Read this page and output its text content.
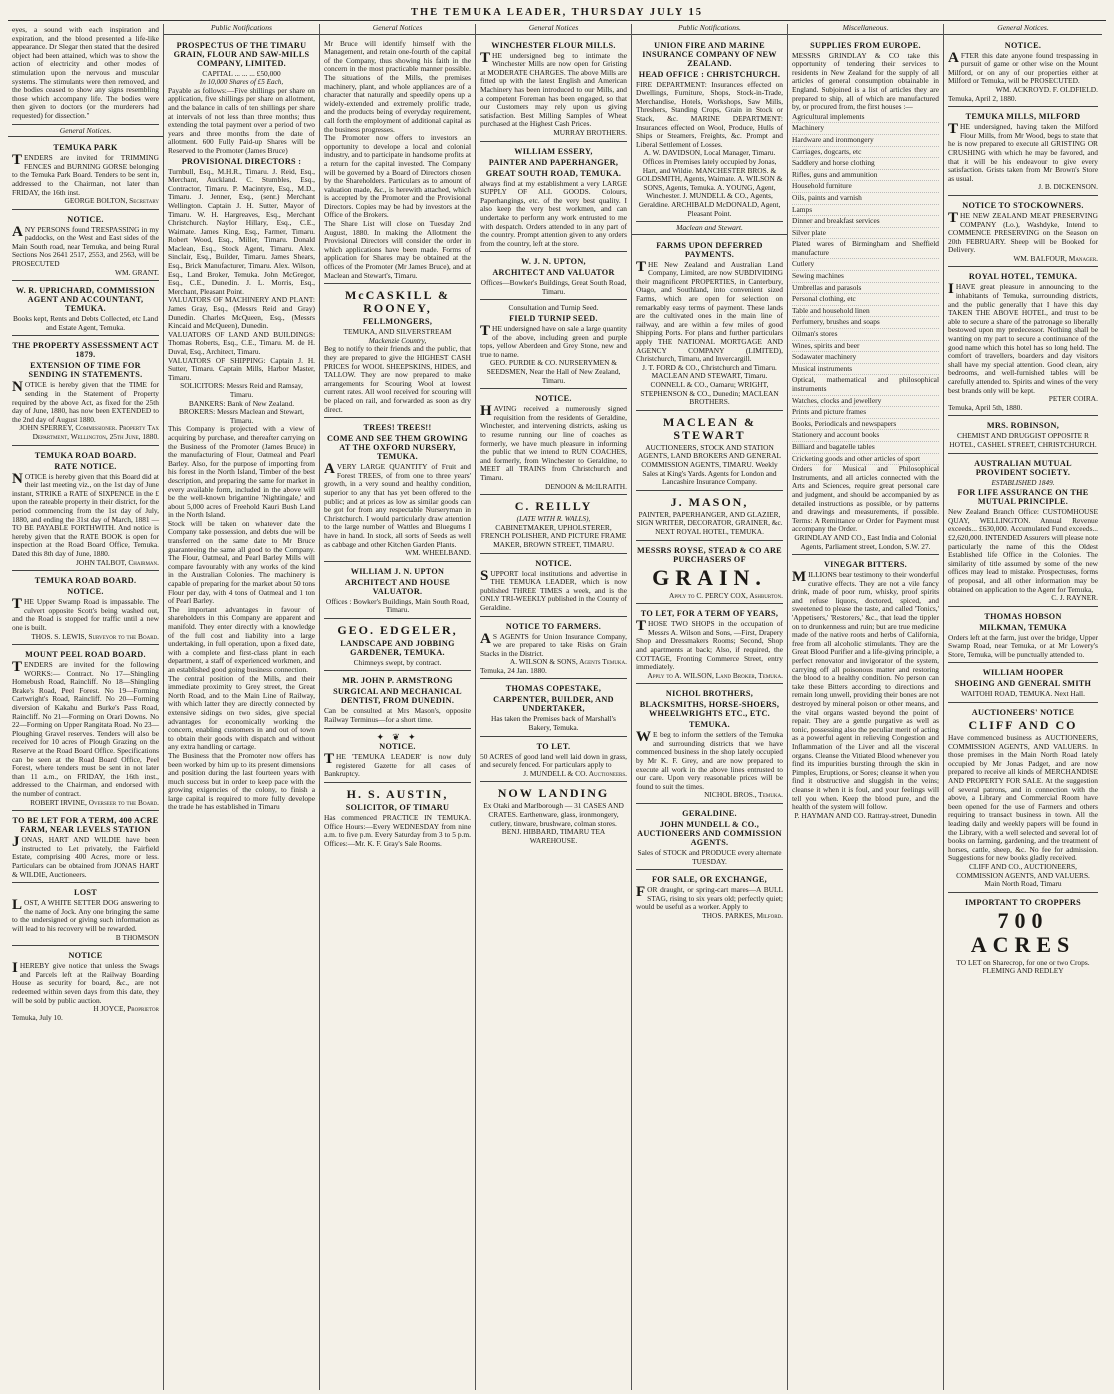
THE TEMUKA LEADER, THURSDAY JULY 15
eyes, a sound with each inspiration and expiration, and the blood presented a life-like appearance. Dr Slegar then stated that the desired object had been attained, which was to show the action of electricity and other modes of stimulation upon the nervous and muscular systems. The stimulants were then removed, and the bodies ceased to show any signs resembling those which accompany life. The bodies were then given to doctors (or the murderers had requested) for dissection."
General Notices.
TEMUKA PARK
TENDERS are invited for TRIMMING FENCES and BURNING GORSE belonging to the Temuka Park Board. Tenders to be sent in, addressed to the Chairman, not later than FRIDAY, the 16th inst.
GEORGE BOLTON, Secretary
NOTICE.
ANY PERSONS found TRESPASSING in my paddocks, on the West and East sides of the Main South road, near Temuka, and being Rural Sections Nos 2641 2517, 2553, and 2563, will be PROSECUTED
WM. GRANT.
W. R. UPRICHARD, COMMISSION AGENT AND ACCOUNTANT, TEMUKA.
Books kept, Rents and Debts Collected, etc Land and Estate Agent, Temuka.
THE PROPERTY ASSESSMENT ACT 1879.
EXTENSION OF TIME FOR SENDING IN STATEMENTS.
NOTICE is hereby given that the TIME for sending in the Statement of Property required by the above Act, as fixed for the 25th day of June, 1880, has now been EXTENDED to the 2nd day of August 1880.
JOHN SPERREY, Commissioner. Property Tax Department, Wellington, 25th June, 1880.
TEMUKA ROAD BOARD.
RATE NOTICE.
NOTICE is hereby given that this Board did at their last meeting viz., on the 1st day of June instant, STRIKE a RATE of SIXPENCE in the £ upon the rateable property in their district, for the period commencing from the 1st day of July, 1880, and ending the 31st day of March, 1881 — TO BE PAYABLE FORTHWITH. And notice is hereby given that the RATE BOOK is open for inspection at the Road Board Office, Temuka. Dated this 8th day of June, 1880.
JOHN TALBOT, Chairman.
TEMUKA ROAD BOARD.
NOTICE.
THE Upper Swamp Road is impassable. The culvert opposite Scott's being washed out, and the Road is stopped for traffic until a new one is built.
THOS. S. LEWIS, Surveyor to the Board.
MOUNT PEEL ROAD BOARD.
TENDERS are invited for the following WORKS:— Contract. No 17—Shingling Homebush Road, Raincliff. No 18—Shingling Brake's Road, Peel Forest. No 19—Forming Cartwright's Road, Raincliff. No 20—Forming diversion of Kakahu and Burke's Pass Road, Raincliff. No 21—Forming on Orari Downs. No 22—Forming on Upper Rangitata Road. No 23—Ploughing Gravel reserves. Tenders will also be received for 10 acres of Plough Grazing on the Reserve at the Road Board Office. Specifications can be seen at the Road Board Office, Peel Forest, where tenders must be sent in not later than 11 a.m., on FRIDAY, the 16th inst., addressed to the Chairman, and endorsed with the number of contract.
ROBERT IRVINE, Overseer to the Board.
TO BE LET FOR A TERM, 400 ACRE FARM, NEAR LEVELS STATION
JONAS, HART AND WILDIE have been instructed to Let privately, the Fairfield Estate, comprising 400 Acres, more or less. Particulars can be obtained from JONAS HART & WILDIE, Auctioneers.
LOST
LOST, A WHITE SETTER DOG answering to the name of Jock. Any one bringing the same to the undersigned or giving such information as will lead to his recovery will be rewarded.
B THOMSON
NOTICE
IHEREBY give notice that unless the Swags and Parcels left at the Railway Boarding House as security for board, &c., are not redeemed within seven days from this date, they will be sold by public auction.
H JOYCE, Proprietor
Temuka, July 10.
Public Notifications
PROSPECTUS OF THE TIMARU GRAIN, FLOUR AND SAW-MILLS COMPANY, LIMITED.
CAPITAL ... ... ... £50,000
In 10,000 Shares of £5 Each,
Payable as follows:—Five shillings per share on application, five shillings per share on allotment, and the balance in calls of ten shillings per share at intervals of not less than three months; thus extending the total payment over a period of two years and three months from the date of allotment. 600 Fully Paid-up Shares will be Reserved to the Promoter (James Bruce)
PROVISIONAL DIRECTORS :
Turnbull, Esq., M.H.R., Timaru. J. Reid, Esq., Merchant, Auckland. C. Stumbles, Esq., Contractor, Timaru. P. Macintyre, Esq., M.D., Timaru. J. Jenner, Esq., (senr.) Merchant Wellington. Captain J. H. Sutter, Mayor of Timaru. W. H. Hargreaves, Esq., Merchant Christchurch. Naylor Hillary, Esq., C.E., Waimate. James King, Esq., Farmer, Timaru. Robert Wood, Esq., Miller, Timaru. Donald Maclean, Esq., Stock Agent, Timaru. Alex. Sinclair, Esq., Builder, Timaru. James Shears, Esq., Brick Manufacturer, Timaru. Alex. Wilson, Esq., Land Broker, Temuka. John McGregor, Esq., C.E., Dunedin. J. L. Morris, Esq., Merchant, Pleasant Point.
VALUATORS OF MACHINERY AND PLANT: James Gray, Esq., (Messrs Reid and Gray) Dunedin. Charles McQueen, Esq., (Messrs Kincaid and McQueen), Dunedin.
VALUATORS OF LAND AND BUILDINGS: Thomas Roberts, Esq., C.E., Timaru. M. de H. Duval, Esq., Architect, Timaru.
VALUATORS OF SHIPPING: Captain J. H. Sutter, Timaru. Captain Mills, Harbor Master, Timaru.
SOLICITORS: Messrs Reid and Ramsay, Timaru.
BANKERS: Bank of New Zealand.
BROKERS: Messrs Maclean and Stewart, Timaru.
This Company is projected with a view of acquiring by purchase, and thereafter carrying on the Business of the Promoter (James Bruce) in the manufacturing of Flour, Oatmeal and Pearl Barley. Also, for the purpose of importing from his forest in the North Island, Timber of the best description, and preparing the same for market in every available form, included in the above will be the well-known brigantine 'Nightingale,' and about 5,000 acres of Freehold Kauri Bush Land in the North Island.
Stock will be taken on whatever date the Company take possession, and debts due will be transferred on the same date to Mr Bruce guaranteeing the same all good to the Company. The Flour, Oatmeal, and Pearl Barley Mills will compare favourably with any works of the kind in the Australian Colonies. The machinery is capable of preparing for the market about 50 tons Flour per day, with 4 tons of Oatmeal and 1 ton of Pearl Barley.
The important advantages in favour of shareholders in this Company are apparent and manifold. They enter directly with a knowledge of the full cost and liability into a large undertaking, in full operation, upon a fixed date, with a complete and first-class plant in each department, a staff of experienced workmen, and an established good going business connection.
The central position of the Mills, and their immediate proximity to Grey street, the Great North Road, and to the Main Line of Railway, with which latter they are directly connected by extensive sidings on two sides, give special advantages for economically working the concern, enabling customers in and out of town to obtain their goods with dispatch and without any extra handling or cartage.
The Business that the Promoter now offers has been worked by him up to its present dimensions and position during the last fourteen years with much success but in order to keep pace with the growing exigencies of the colony, to finish a large capital is required to more fully develope the trade he has established in Timaru
General Notices
Mr Bruce will identify himself with the Management, and retain one-fourth of the capital of the Company, thus showing his faith in the concern in the most practicable manner possible. The situations of the Mills, the premises machinery, plant, and whole appliances are of a character that naturally and speedily opens up a widely-extended and extremely prolific trade, and the products being of everyday requirement, call forth the employment of additional capital as the business progresses.
The Promoter now offers to investors an opportunity to develope a local and colonial industry, and to participate in handsome profits at a return for the capital invested. The Company will be governed by a Board of Directors chosen by the Shareholders. Particulars as to amount of valuation made, &c., is herewith attached, which is accepted by the Promoter and the Provisional Directors. Copies may be had by investors at the Office of the Brokers.
The Share List will close on Tuesday 2nd August, 1880. In making the Allotment the Provisional Directors will consider the order in which applications have been made. Forms of application for Shares may be obtained at the offices of the Promoter (Mr James Bruce), and at Maclean and Stewart's, Timaru.
McCASKILL & ROONEY,
FELLMONGERS,
TEMUKA, AND SILVERSTREAM
Mackenzie Country,
Beg to notify to their friends and the public, that they are prepared to give the HIGHEST CASH PRICES for WOOL SHEEPSKINS, HIDES, and TALLOW. They are now prepared to make arrangements for Scouring Wool at lowest current rates. All wool received for scouring will be placed on rail, and forwarded as soon as dry direct.
TREES! TREES!!
COME AND SEE THEM GROWING AT THE OXFORD NURSERY, TEMUKA.
AVERY LARGE QUANTITY of Fruit and Forest TREES, of from one to three years' growth, in a very sound and healthy condition, superior to any that has yet been offered to the public; and at prices as low as similar goods can be got for from any respectable Nurseryman in Christchurch. I would particularly draw attention to the large number of Wattles and Bluegums I have in hand. In stock, all sorts of Seeds as well as cabbage and other Kitchen Garden Plants.
WM. WHEELBAND.
WILLIAM J. N. UPTON
ARCHITECT AND HOUSE VALUATOR.
Offices : Bowker's Buildings, Main South Road, Timaru.
GEO. EDGELER,
LANDSCAPE AND JOBBING GARDENER, TEMUKA.
Chimneys swept, by contract.
MR. JOHN P. ARMSTRONG
SURGICAL AND MECHANICAL DENTIST, FROM DUNEDIN.
Can be consulted at Mrs Mason's, opposite Railway Terminus—for a short time.
✦ ❦ ✦
NOTICE.
THE 'TEMUKA LEADER' is now duly registered Gazette for all cases of Bankruptcy.
H. S. AUSTIN,
SOLICITOR, OF TIMARU
Has commenced PRACTICE IN TEMUKA. Office Hours:—Every WEDNESDAY from nine a.m. to five p.m. Every Saturday from 3 to 5 p.m. Offices:—Mr. K. F. Gray's Sale Rooms.
General Notices
WINCHESTER FLOUR MILLS.
THE undersigned beg to intimate the Winchester Mills are now open for Gristing at MODERATE CHARGES. The above Mills are fitted up with the latest English and American Machinery has been introduced to our Mills, and a competent Foreman has been engaged, so that our Customers may rely upon us giving satisfaction. Best Milling Samples of Wheat purchased at the Highest Cash Prices.
MURRAY BROTHERS.
WILLIAM ESSERY,
PAINTER AND PAPERHANGER,
GREAT SOUTH ROAD, TEMUKA.
always find at my establishment a very LARGE SUPPLY OF ALL GOODS. Colours, Paperhangings, etc. of the very best quality. I also keep the very best workmen, and can undertake to perform any work entrusted to me with despatch. Orders attended to in any part of the country. Prompt attention given to any orders from the country, left at the store.
W. J. N. UPTON,
ARCHITECT AND VALUATOR
Offices—Bowker's Buildings, Great South Road, Timaru.
Consultation and Turnip Seed.
FIELD TURNIP SEED.
THE undersigned have on sale a large quantity of the above, including green and purple tops, yellow Aberdeen and Grey Stone, new and true to name.
GEO. PURDIE & CO. NURSERYMEN & SEEDSMEN, Near the Hall of New Zealand, Timaru.
NOTICE.
HAVING received a numerously signed requisition from the residents of Geraldine, Winchester, and intervening districts, asking us to resume running our line of coaches as formerly, we have much pleasure in informing the public that we intend to RUN COACHES, and formerly, from Winchester to Geraldine, to MEET all TRAINS from Christchurch and Timaru.
DENOON & McILRAITH.
C. REILLY
(LATE WITH R. WALLS),
CABINETMAKER, UPHOLSTERER, FRENCH POLISHER, AND PICTURE FRAME MAKER, BROWN STREET, TIMARU.
NOTICE.
SUPPORT local institutions and advertise in THE TEMUKA LEADER, which is now published THREE TIMES a week, and is the ONLY TRI-WEEKLY published in the County of Geraldine.
NOTICE TO FARMERS.
AS AGENTS for Union Insurance Company, we are prepared to take Risks on Grain Stacks in the District.
A. WILSON & SONS, Agents Temuka.
Temuka, 24 Jan. 1880.
THOMAS COPESTAKE,
CARPENTER, BUILDER, AND UNDERTAKER,
Has taken the Premises back of Marshall's Bakery, Temuka.
TO LET.
50 ACRES of good land well laid down in grass, and securely fenced. For particulars apply to
J. MUNDELL & CO. Auctioneers.
NOW LANDING
Ex Otaki and Marlborough — 31 CASES AND CRATES. Earthenware, glass, ironmongery, cutlery, tinware, brushware, colman stores.
BENJ. HIBBARD, TIMARU TEA WAREHOUSE.
Public Notifications.
UNION FIRE AND MARINE INSURANCE COMPANY OF NEW ZEALAND.
HEAD OFFICE : CHRISTCHURCH.
FIRE DEPARTMENT: Insurances effected on Dwellings, Furniture, Shops, Stock-in-Trade, Merchandise, Hotels, Workshops, Saw Mills, Threshers, Standing Crops, Grain in Stock or Stack, &c. MARINE DEPARTMENT: Insurances effected on Wool, Produce, Hulls of Ships or Steamers, Freights, &c. Prompt and Liberal Settlement of Losses.
A. W. DAVIDSON, Local Manager, Timaru. Offices in Premises lately occupied by Jonas, Hart, and Wildie. MANCHESTER BROS. & GOLDSMITH, Agents, Waimate. A. WILSON & SONS, Agents, Temuka. A. YOUNG, Agent, Winchester. J. MUNDELL & CO., Agents, Geraldine. ARCHIBALD McDONALD, Agent, Pleasant Point.
Maclean and Stewart.
FARMS UPON DEFERRED PAYMENTS.
THE New Zealand and Australian Land Company, Limited, are now SUBDIVIDING their magnificent PROPERTIES, in Canterbury, Otago, and Southland, into convenient sized Farms, which are open for selection on remarkably easy terms of payment. These lands are the cultivated ones in the main line of railway, and are within a few miles of good Shipping Ports. For plans and further particulars apply THE NATIONAL MORTGAGE AND AGENCY COMPANY (LIMITED), Christchurch, Timaru, and Invercargill.
J. T. FORD & CO., Christchurch and Timaru. MACLEAN AND STEWART, Timaru. CONNELL & CO., Oamaru; WRIGHT, STEPHENSON & CO., Dunedin; MACLEAN BROTHERS.
MACLEAN & STEWART
AUCTIONEERS, STOCK AND STATION AGENTS, LAND BROKERS AND GENERAL COMMISSION AGENTS, TIMARU. Weekly Sales at King's Yards. Agents for London and Lancashire Insurance Company.
J. MASON,
PAINTER, PAPERHANGER, AND GLAZIER, SIGN WRITER, DECORATOR, GRAINER, &c. NEXT ROYAL HOTEL, TEMUKA.
MESSRS ROYSE, STEAD & CO ARE PURCHASERS OF
GRAIN.
Apply to C. PERCY COX, Ashburton.
TO LET, FOR A TERM OF YEARS,
THOSE TWO SHOPS in the occupation of Messrs A. Wilson and Sons, —First, Drapery Shop and Dressmakers Rooms; Second, Shop and apartments at back; Also, if required, the COTTAGE, Fronting Commerce Street, entry immediately.
Apply to A. WILSON, Land Broker, Temuka.
NICHOL BROTHERS,
BLACKSMITHS, HORSE-SHOERS, WHEELWRIGHTS ETC., ETC.
TEMUKA.
WE beg to inform the settlers of the Temuka and surrounding districts that we have commenced business in the shop lately occupied by Mr K. F. Grey, and are now prepared to execute all work in the above lines entrusted to our care. Upon very reasonable prices will be found to suit the times.
NICHOL BROS., Temuka.
GERALDINE.
JOHN MUNDELL & CO., AUCTIONEERS AND COMMISSION AGENTS.
Sales of STOCK and PRODUCE every alternate TUESDAY.
FOR SALE, OR EXCHANGE,
FOR draught, or spring-cart mares—A BULL STAG, rising to six years old; perfectly quiet; would be useful as a worker. Apply to
THOS. PARKES, Milford.
Miscellaneous.
SUPPLIES FROM EUROPE.
MESSRS GRINDLAY & CO take this opportunity of tendering their services to residents in New Zealand for the supply of all articles of general consumption obtainable in England. Subjoined is a list of articles they are prepared to ship, all of which are manufactured by, or procured from, the first houses :—
Agricultural implements
Machinery
Hardware and ironmongery
Carriages, dogcarts, etc
Saddlery and horse clothing
Rifles, guns and ammunition
Household furniture
Oils, paints and varnish
Lamps
Dinner and breakfast services
Silver plate
Plated wares of Birmingham and Sheffield manufacture
Cutlery
Sewing machines
Umbrellas and parasols
Personal clothing, etc
Table and household linen
Perfumery, brushes and soaps
Oilman's stores
Wines, spirits and beer
Sodawater machinery
Musical instruments
Optical, mathematical and philosophical instruments
Watches, clocks and jewellery
Prints and picture frames
Books, Periodicals and newspapers
Stationery and account books
Billiard and bagatelle tables
Cricketing goods and other articles of sport
Orders for Musical and Philosophical Instruments, and all articles connected with the Arts and Sciences, require great personal care and judgment, and should be accompanied by as detailed instructions as possible, or by patterns and drawings and measurements, if possible. Terms: A Remittance or Order for Payment must accompany the Order.
GRINDLAY AND CO., East India and Colonial Agents, Parliament street, London, S.W. 27.
VINEGAR BITTERS.
MILLIONS bear testimony to their wonderful curative effects. They are not a vile fancy drink, made of poor rum, whisky, proof spirits and refuse liquors, doctored, spiced, and sweetened to please the taste, and called 'Tonics,' 'Appetisers,' 'Restorers,' &c., that lead the tippler on to drunkenness and ruin; but are true medicine made of the native roots and herbs of California, free from all alcoholic stimulants. They are the Great Blood Purifier and a life-giving principle, a perfect renovator and invigorator of the system, carrying off all poisonous matter and restoring the blood to a healthy condition. No person can take these Bitters according to directions and remain long unwell, providing their bones are not destroyed by mineral poison or other means, and the vital organs wasted beyond the point of repair. They are a gentle purgative as well as tonic, possessing also the peculiar merit of acting as a powerful agent in relieving Congestion and Inflammation of the Liver and all the visceral organs. Cleanse the Vitiated Blood whenever you find its impurities bursting through the skin in Pimples, Eruptions, or Sores; cleanse it when you find it obstructive and sluggish in the veins; cleanse it when it is foul, and your feelings will tell you when. Keep the blood pure, and the health of the system will follow.
P. HAYMAN AND CO. Rattray-street, Dunedin
General Notices.
NOTICE.
AFTER this date anyone found trespassing in pursuit of game or other wise on the Mount Milford, or on any of our properties either at Milford or Temuka, will be PROSECUTED.
WM. ACKROYD. F. OLDFIELD.
Temuka, April 2, 1880.
TEMUKA MILLS, MILFORD
THE undersigned, having taken the Milford Flour Mills, from Mr Wood, begs to state that he is now prepared to execute all GRISTING OR CRUSHING with which he may be favored, and that it will be his endeavour to give every satisfaction. Grists taken from Mr Brown's Store as usual.
J. B. DICKENSON.
NOTICE TO STOCKOWNERS.
THE NEW ZEALAND MEAT PRESERVING COMPANY (Lo.), Washdyke, Intend to COMMENCE PRESERVING on the Season on 20th FEBRUARY. Sheep will be Booked for Delivery.
WM. BALFOUR, Manager.
ROYAL HOTEL, TEMUKA.
IHAVE great pleasure in announcing to the inhabitants of Temuka, surrounding districts, and the public generally that I have this day TAKEN THE ABOVE HOTEL, and trust to be able to secure a share of the patronage so liberally bestowed upon my predecessor. Nothing shall be wanting on my part to secure a continuance of the good name which this hotel has so long held. The comfort of travellers, boarders and day visitors shall have my special attention. Good clean, airy bedrooms, and well-furnished tables will be carefully attended to. Spirits and wines of the very best brands only will be kept.
PETER COIRA.
Temuka, April 5th, 1880.
MRS. ROBINSON,
CHEMIST AND DRUGGIST OPPOSITE R HOTEL, CASHEL STREET, CHRISTCHURCH.
AUSTRALIAN MUTUAL PROVIDENT SOCIETY.
ESTABLISHED 1849.
FOR LIFE ASSURANCE ON THE MUTUAL PRINCIPLE.
New Zealand Branch Office: CUSTOMHOUSE QUAY, WELLINGTON. Annual Revenue exceeds... £630,000. Accumulated Fund exceeds... £2,620,000. INTENDED Assurers will please note particularly the name of this the Oldest Established life Office in the Colonies. The similarity of title assumed by some of the new offices may lead to mistake. Prospectuses, forms of proposal, and all other information may be obtained on application to the Agent for Temuka,
C. J. RAYNER.
THOMAS HOBSON
MILKMAN, TEMUKA
Orders left at the farm, just over the bridge, Upper Swamp Road, near Temuka, or at Mr Lowery's Store, Temuka, will be punctually attended to.
WILLIAM HOOPER
SHOEING AND GENERAL SMITH
WAITOHI ROAD, TEMUKA. Next Hall.
AUCTIONEERS' NOTICE
CLIFF AND CO
Have commenced business as AUCTIONEERS, COMMISSION AGENTS, AND VALUERS. In those premises in the Main North Road lately occupied by Mr Jonas Padget, and are now prepared to receive all kinds of MERCHANDISE AND PROPERTY FOR SALE. At the suggestion of several patrons, and in connection with the above, a Library and Commercial Room have been opened for the use of Farmers and others requiring to transact business in town. All the leading daily and weekly papers will be found in the Library, with a well selected and several lot of books on farming, gardening, and the treatment of horses, cattle, sheep, &c. No fee for admission. Suggestions for new books gladly received.
CLIFF AND CO., AUCTIONEERS, COMMISSION AGENTS, AND VALUERS. Main North Road, Timaru
IMPORTANT TO CROPPERS
700 ACRES
TO LET on Sharecrop, for one or two Crops.
FLEMING AND REDLEY
